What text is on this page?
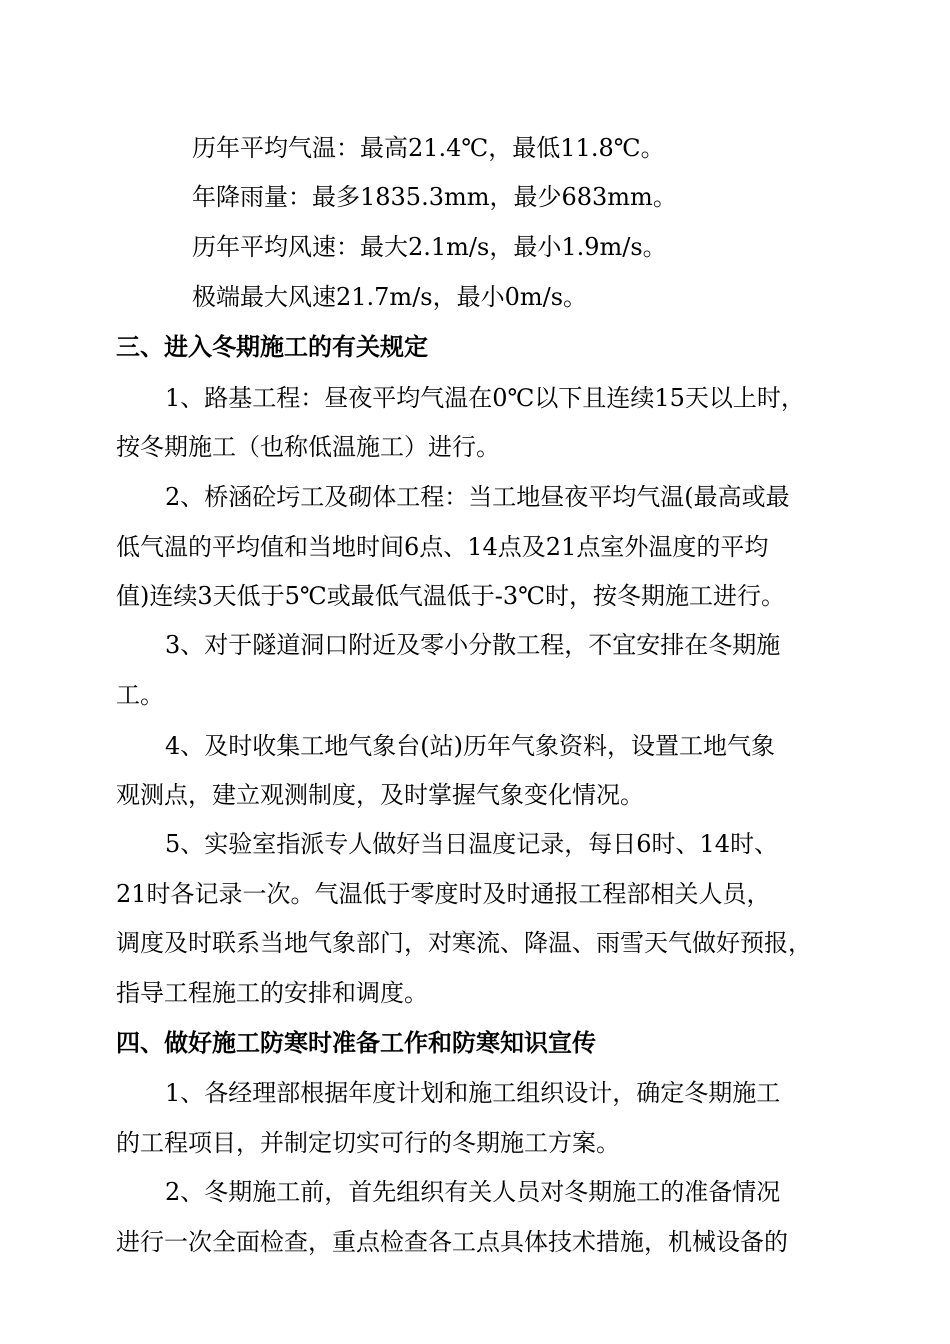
历年平均气温：最高21.4℃，最低11.8℃。
年降雨量：最多1835.3mm，最少683mm。
历年平均风速：最大2.1m/s，最小1.9m/s。
极端最大风速21.7m/s，最小0m/s。
三、进入冬期施工的有关规定
1、路基工程：昼夜平均气温在0℃以下且连续15天以上时，
按冬期施工（也称低温施工）进行。
2、桥涵砼圬工及砌体工程：当工地昼夜平均气温(最高或最
低气温的平均值和当地时间6点、14点及21点室外温度的平均
值)连续3天低于5℃或最低气温低于-3℃时，按冬期施工进行。
3、对于隧道洞口附近及零小分散工程，不宜安排在冬期施
工。
4、及时收集工地气象台(站)历年气象资料，设置工地气象
观测点，建立观测制度，及时掌握气象变化情况。
5、实验室指派专人做好当日温度记录，每日6时、14时、
21时各记录一次。气温低于零度时及时通报工程部相关人员，
调度及时联系当地气象部门，对寒流、降温、雨雪天气做好预报，
指导工程施工的安排和调度。
四、做好施工防寒时准备工作和防寒知识宣传
1、各经理部根据年度计划和施工组织设计，确定冬期施工
的工程项目，并制定切实可行的冬期施工方案。
2、冬期施工前，首先组织有关人员对冬期施工的准备情况
进行一次全面检查，重点检查各工点具体技术措施，机械设备的
